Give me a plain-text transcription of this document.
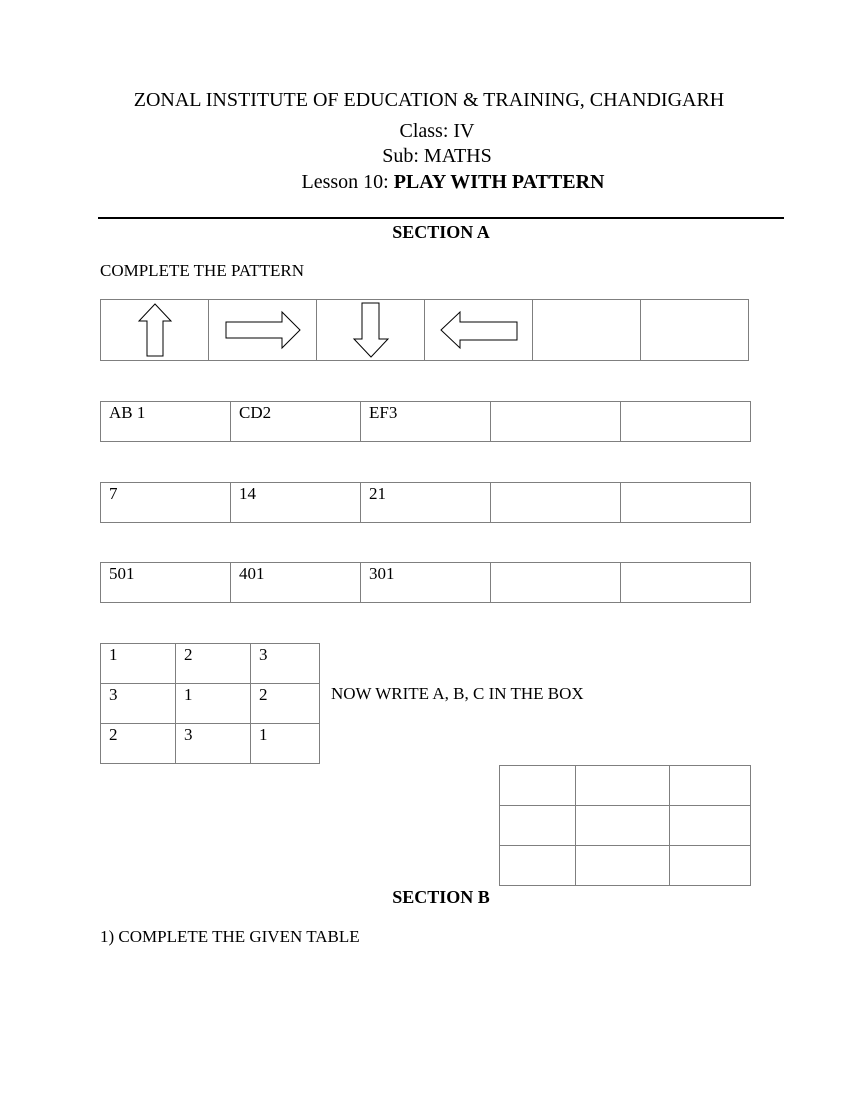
ZONAL INSTITUTE OF EDUCATION & TRAINING, CHANDIGARH
Class: IV
Sub: MATHS
Lesson 10: PLAY WITH PATTERN
SECTION A
COMPLETE THE PATTERN

AB 1	CD2	EF3

7	14	21

501	401	301

1	2	3

3	1	2

2	3	1
NOW WRITE A, B, C IN THE BOX

SECTION B
1) COMPLETE THE GIVEN TABLE
